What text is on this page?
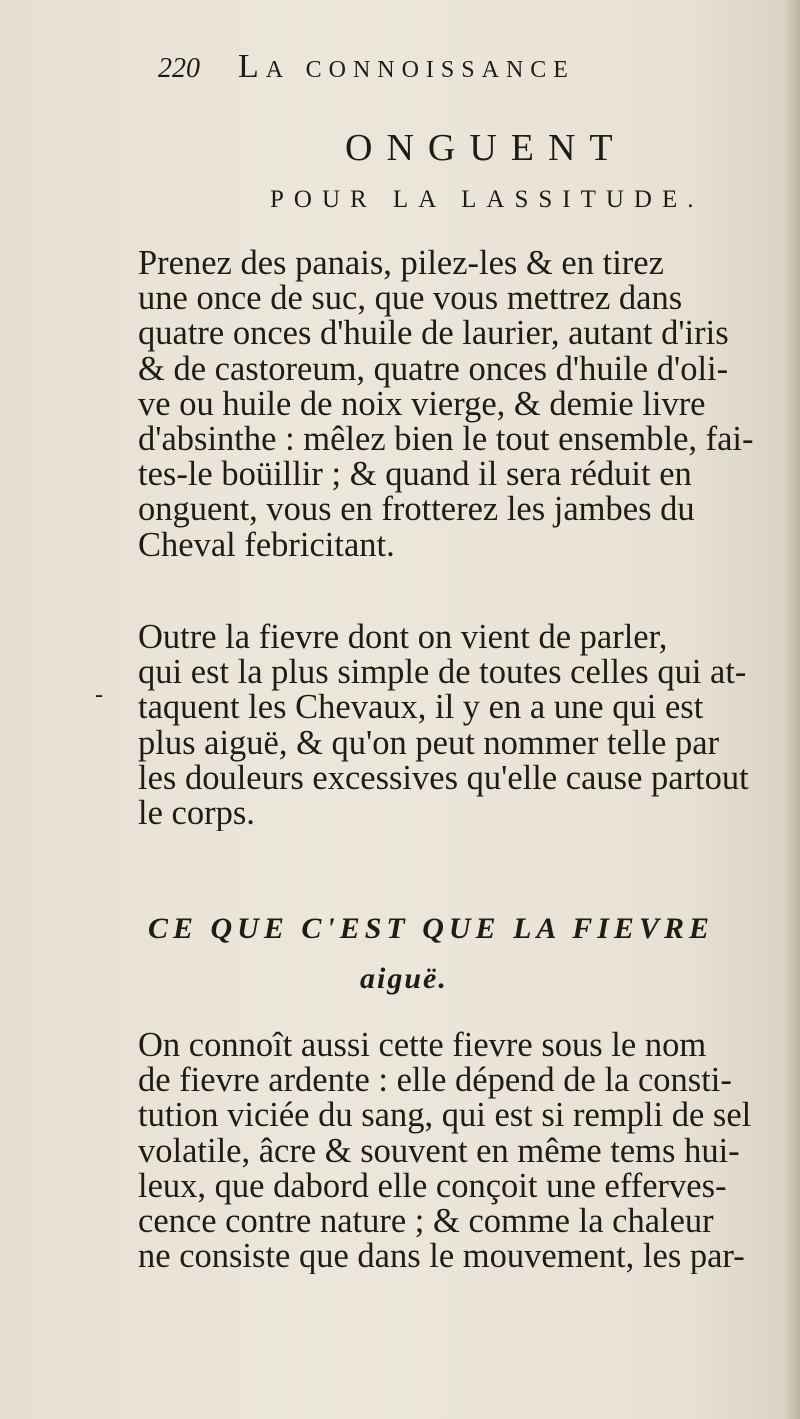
220 La connoissance
ONGUENT
POUR LA LASSITUDE.
Prenez des panais, pilez-les & en tirez
une once de suc, que vous mettrez dans
quatre onces d'huile de laurier, autant d'iris
& de castoreum, quatre onces d'huile d'oli-
ve ou huile de noix vierge, & demie livre
d'absinthe : mêlez bien le tout ensemble, fai-
tes-le boüillir ; & quand il sera réduit en
onguent, vous en frotterez les jambes du
Cheval febricitant.
-
Outre la fievre dont on vient de parler,
qui est la plus simple de toutes celles qui at-
taquent les Chevaux, il y en a une qui est
plus aiguë, & qu'on peut nommer telle par
les douleurs excessives qu'elle cause partout
le corps.
CE QUE C'EST QUE LA FIEVRE
aiguë.
On connoît aussi cette fievre sous le nom
de fievre ardente : elle dépend de la consti-
tution viciée du sang, qui est si rempli de sel
volatile, âcre & souvent en même tems hui-
leux, que dabord elle conçoit une efferves-
cence contre nature ; & comme la chaleur
ne consiste que dans le mouvement, les par-
